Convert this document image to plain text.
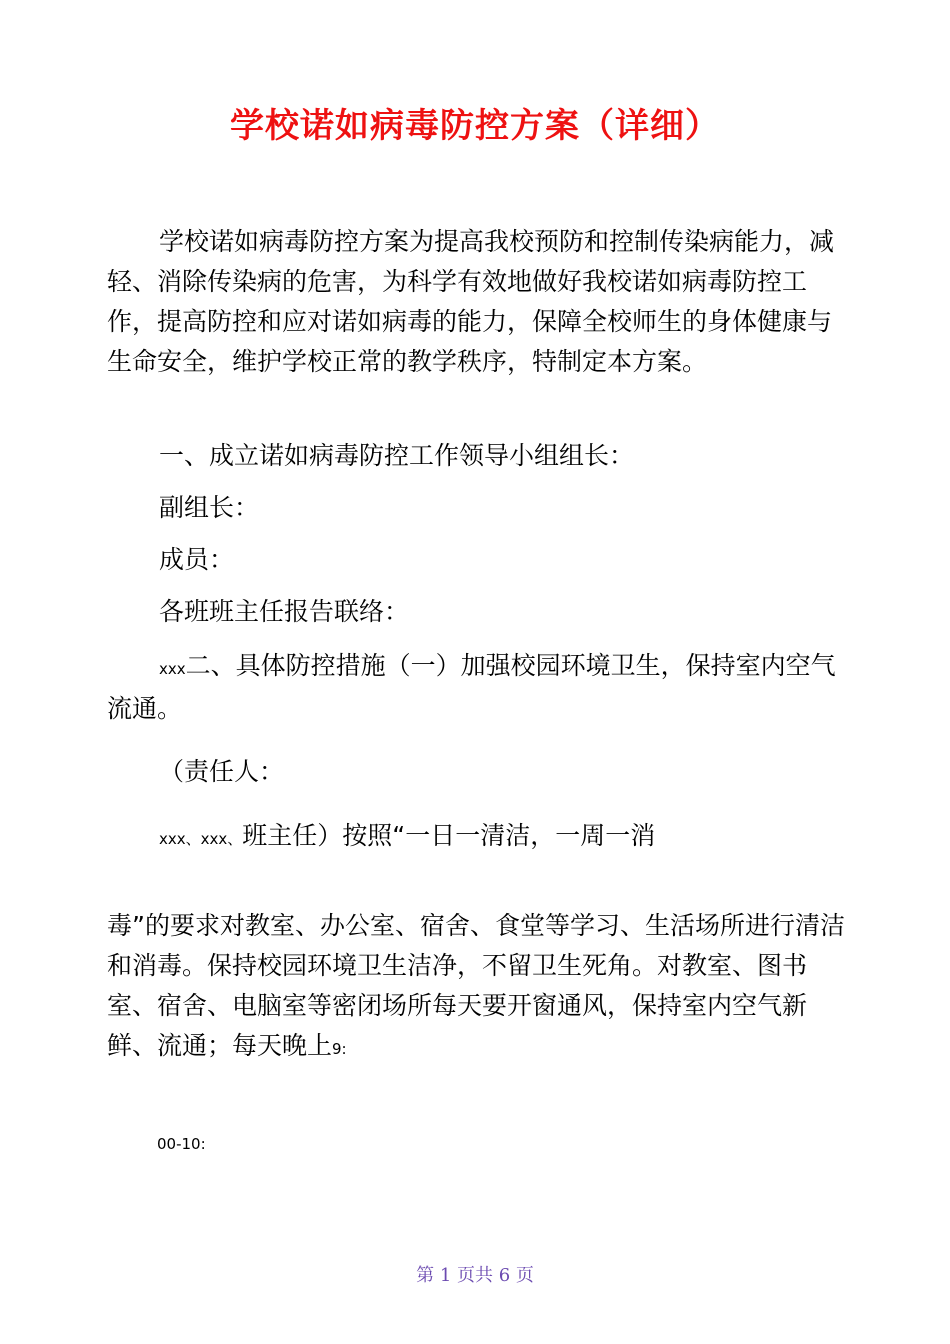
学校诺如病毒防控方案（详细）

学校诺如病毒防控方案为提高我校预防和控制传染病能力，减轻、消除传染病的危害，为科学有效地做好我校诺如病毒防控工作，提高防控和应对诺如病毒的能力，保障全校师生的身体健康与生命安全，维护学校正常的教学秩序，特制定本方案。

一、成立诺如病毒防控工作领导小组组长：
副组长：
成员：
各班班主任报告联络：

xxx二、具体防控措施（一）加强校园环境卫生，保持室内空气流通。

（责任人：
xxx、xxx、班主任）按照“一日一清洁，一周一消

毒”的要求对教室、办公室、宿舍、食堂等学习、生活场所进行清洁和消毒。保持校园环境卫生洁净，不留卫生死角。对教室、图书室、宿舍、电脑室等密闭场所每天要开窗通风，保持室内空气新鲜、流通；每天晚上9:

00-10:
第 1 页共 6 页
